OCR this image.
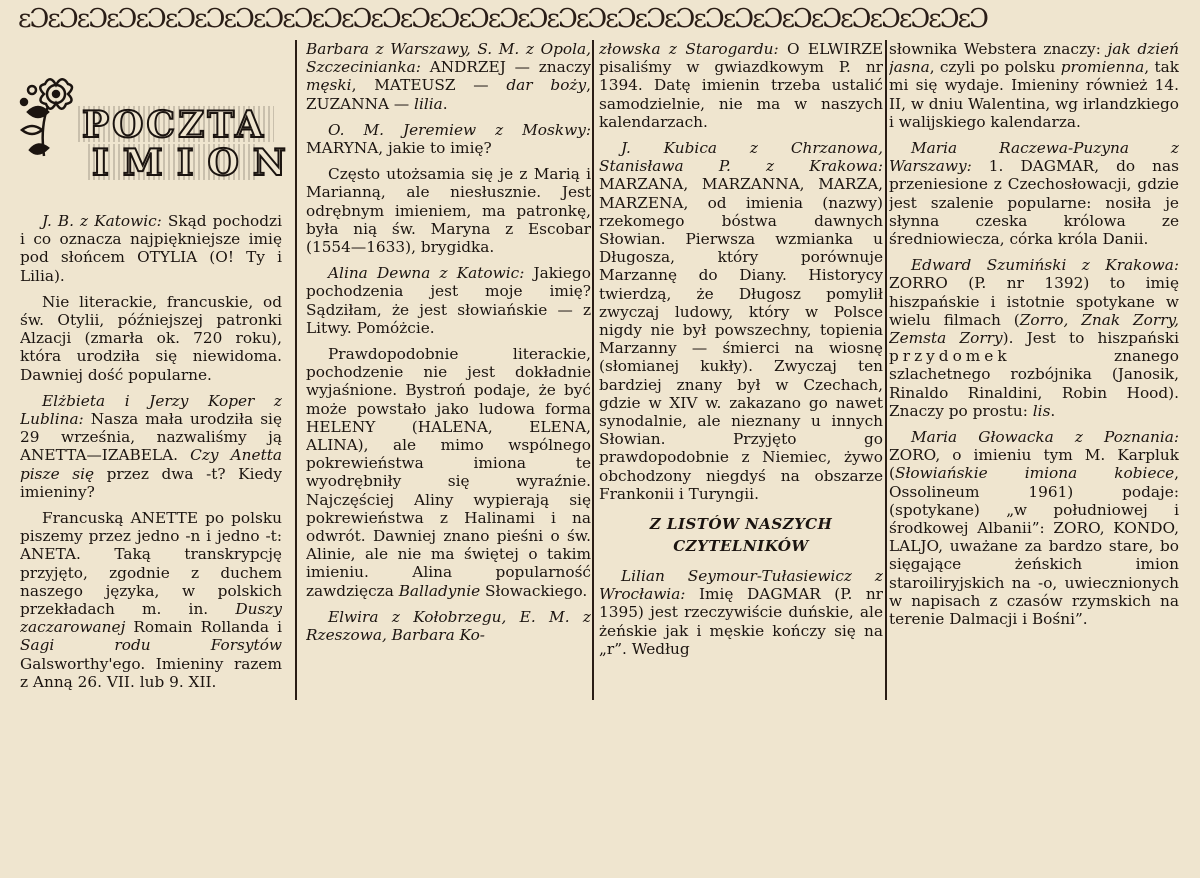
ɛƆɛƆɛƆɛƆɛƆɛƆɛƆɛƆɛƆɛƆɛƆɛƆɛƆɛƆɛƆɛƆɛƆɛƆɛƆɛƆɛƆɛƆɛƆɛƆɛƆɛƆɛƆɛƆɛƆɛƆɛƆɛƆɛƆ
POCZTA
IMION

J. B. z Katowic: Skąd pochodzi i co oznacza najpiękniejsze imię pod słońcem OTYLIA (O! Ty i Lilia).

Nie literackie, francuskie, od św. Otylii, późniejszej patronki Alzacji (zmarła ok. 720 roku), która urodziła się niewidoma. Dawniej dość popularne.

Elżbieta i Jerzy Koper z Lublina: Nasza mała urodziła się 29 września, nazwaliśmy ją ANETTA—IZABELA. Czy Anetta pisze się przez dwa -t? Kiedy imieniny?

Francuską ANETTE po polsku piszemy przez jedno -n i jedno -t: ANETA. Taką transkrypcję przyjęto, zgodnie z duchem naszego języka, w polskich przekładach m. in. Duszy zaczarowanej Romain Rollanda i Sagi rodu Forsytów Galsworthy'ego. Imieniny razem z Anną 26. VII. lub 9. XII.

Barbara z Warszawy, S. M. z Opola, Szczecinianka: ANDRZEJ — znaczy męski, MATEUSZ — dar boży, ZUZANNA — lilia.

O. M. Jeremiew z Moskwy: MARYNA, jakie to imię?

Często utożsamia się je z Marią i Marianną, ale niesłusznie. Jest odrębnym imieniem, ma patronkę, była nią św. Maryna z Escobar (1554—1633), brygidka.

Alina Dewna z Katowic: Jakiego pochodzenia jest moje imię? Sądziłam, że jest słowiańskie — z Litwy. Pomóżcie.

Prawdopodobnie literackie, pochodzenie nie jest dokładnie wyjaśnione. Bystroń podaje, że być może powstało jako ludowa forma HELENY (HALENA, ELENA, ALINA), ale mimo wspólnego pokrewieństwa imiona te wyodrębniły się wyraźnie. Najczęściej Aliny wypierają się pokrewieństwa z Halinami i na odwrót. Dawniej znano pieśni o św. Alinie, ale nie ma świętej o takim imieniu. Alina popularność zawdzięcza Balladynie Słowackiego.

Elwira z Kołobrzegu, E. M. z Rzeszowa, Barbara Ko-

złowska z Starogardu: O ELWIRZE pisaliśmy w gwiazdkowym P. nr 1394. Datę imienin trzeba ustalić samodzielnie, nie ma w naszych kalendarzach.

J. Kubica z Chrzanowa, Stanisława P. z Krakowa: MARZANA, MARZANNA, MARZA, MARZENA, od imienia (nazwy) rzekomego bóstwa dawnych Słowian. Pierwsza wzmianka u Długosza, który porównuje Marzannę do Diany. Historycy twierdzą, że Długosz pomylił zwyczaj ludowy, który w Polsce nigdy nie był powszechny, topienia Marzanny — śmierci na wiosnę (słomianej kukły). Zwyczaj ten bardziej znany był w Czechach, gdzie w XIV w. zakazano go nawet synodalnie, ale nieznany u innych Słowian. Przyjęto go prawdopodobnie z Niemiec, żywo obchodzony niegdyś na obszarze Frankonii i Turyngii.

Z LISTÓW NASZYCH CZYTELNIKÓW

Lilian Seymour-Tułasiewicz z Wrocławia: Imię DAGMAR (P. nr 1395) jest rzeczywiście duńskie, ale żeńskie jak i męskie kończy się na „r”. Według

słownika Webstera znaczy: jak dzień jasna, czyli po polsku promienna, tak mi się wydaje. Imieniny również 14. II, w dniu Walentina, wg irlandzkiego i walijskiego kalendarza.

Maria Raczewa-Puzyna z Warszawy: 1. DAGMAR, do nas przeniesione z Czechosłowacji, gdzie jest szalenie popularne: nosiła je słynna czeska królowa ze średniowiecza, córka króla Danii.

Edward Szumiński z Krakowa: ZORRO (P. nr 1392) to imię hiszpańskie i istotnie spotykane w wielu filmach (Zorro, Znak Zorry, Zemsta Zorry). Jest to hiszpański przydomek znanego szlachetnego rozbójnika (Janosik, Rinaldo Rinaldini, Robin Hood). Znaczy po prostu: lis.

Maria Głowacka z Poznania: ZORO, o imieniu tym M. Karpluk (Słowiańskie imiona kobiece, Ossolineum 1961) podaje: (spotykane) „w południowej i środkowej Albanii”: ZORO, KONDO, LALJO, uważane za bardzo stare, bo sięgające żeńskich imion staroiliryjskich na -o, uwiecznionych w napisach z czasów rzymskich na terenie Dalmacji i Bośni”.
